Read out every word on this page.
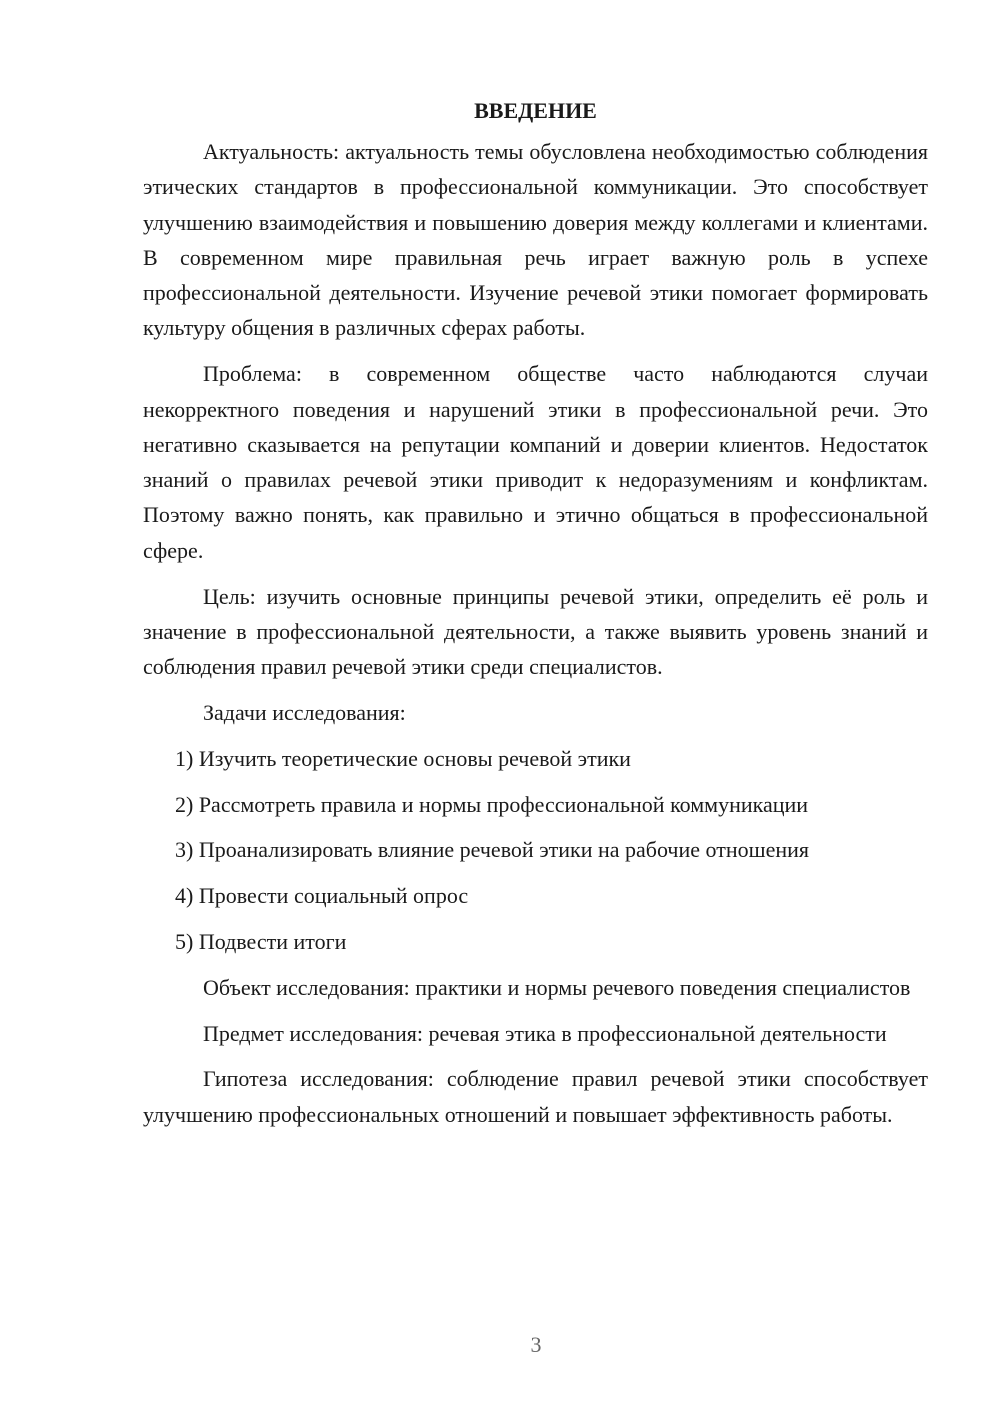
ВВЕДЕНИЕ

Актуальность: актуальность темы обусловлена необходимостью соблюдения этических стандартов в профессиональной коммуникации. Это способствует улучшению взаимодействия и повышению доверия между коллегами и клиентами. В современном мире правильная речь играет важную роль в успехе профессиональной деятельности. Изучение речевой этики помогает формировать культуру общения в различных сферах работы.

Проблема: в современном обществе часто наблюдаются случаи некорректного поведения и нарушений этики в профессиональной речи. Это негативно сказывается на репутации компаний и доверии клиентов. Недостаток знаний о правилах речевой этики приводит к недоразумениям и конфликтам. Поэтому важно понять, как правильно и этично общаться в профессиональной сфере.

Цель: изучить основные принципы речевой этики, определить её роль и значение в профессиональной деятельности, а также выявить уровень знаний и соблюдения правил речевой этики среди специалистов.

Задачи исследования:

1) Изучить теоретические основы речевой этики
2) Рассмотреть правила и нормы профессиональной коммуникации
3) Проанализировать влияние речевой этики на рабочие отношения
4) Провести социальный опрос
5) Подвести итоги

Объект исследования: практики и нормы речевого поведения специалистов

Предмет исследования: речевая этика в профессиональной деятельности

Гипотеза исследования: соблюдение правил речевой этики способствует улучшению профессиональных отношений и повышает эффективность работы.

3
